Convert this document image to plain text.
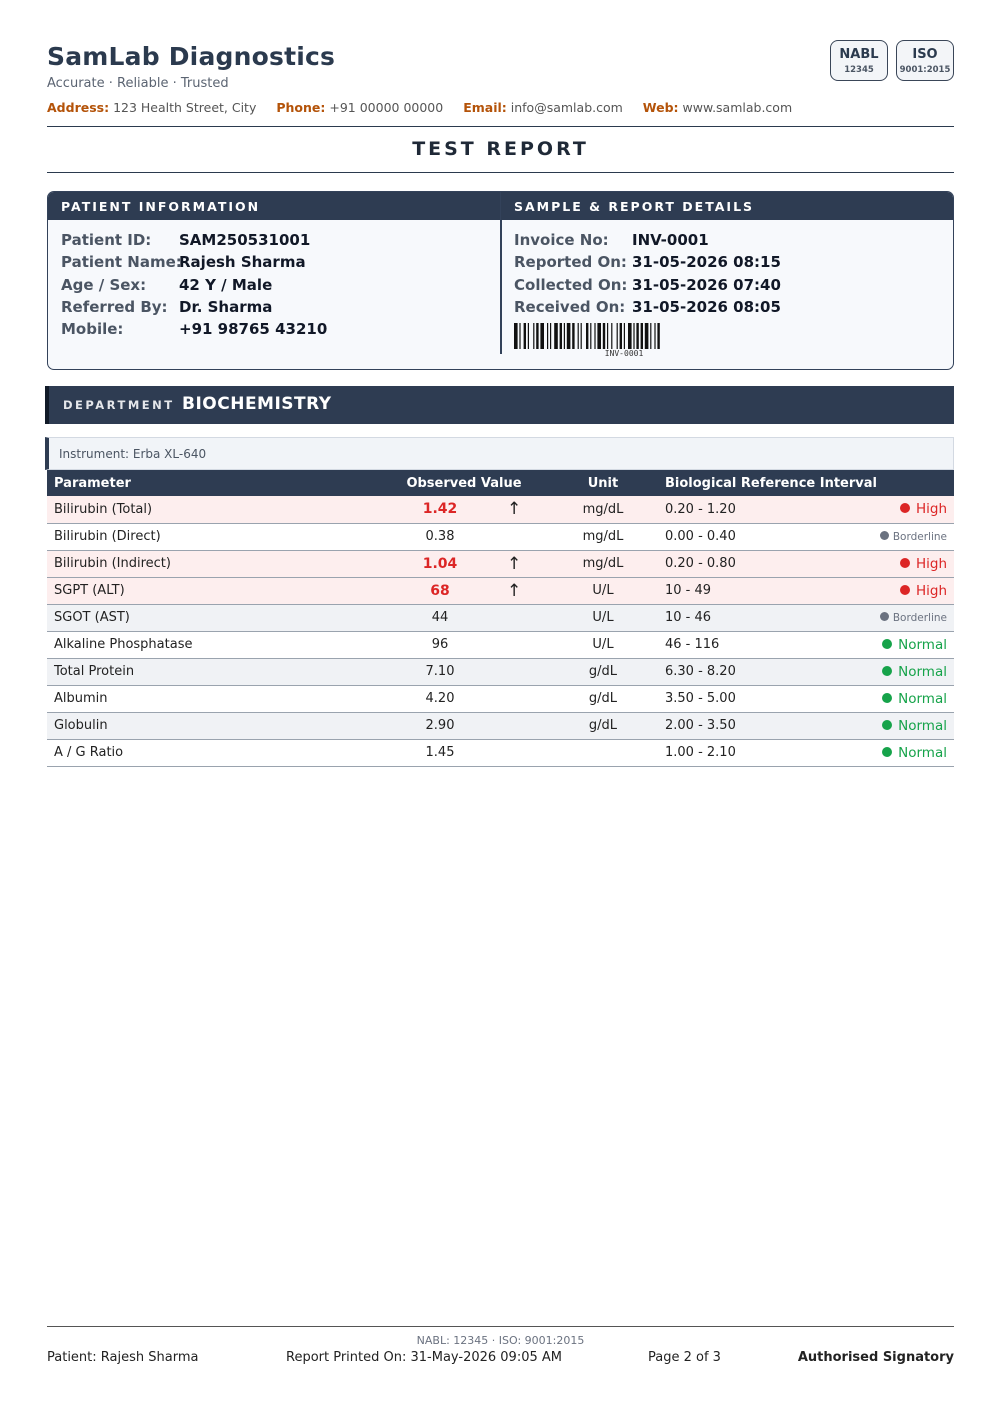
SamLab Diagnostics
Accurate · Reliable · Trusted
Address: 123 Health Street, City Phone: +91 00000 00000 Email: info@samlab.com Web: www.samlab.com
NABL
12345
ISO
9001:2015
TEST REPORT
PATIENT INFORMATION
Patient ID: SAM250531001
Patient Name:Rajesh Sharma
Age / Sex: 42 Y / Male
Referred By: Dr. Sharma
Mobile:	+91 98765 43210
SAMPLE & REPORT DETAILS
Invoice No: INV-0001
Reported On: 31-05-2026 08:15
Collected On: 31-05-2026 07:40
Received On: 31-05-2026 08:05
INV-0001
DEPARTMENT BIOCHEMISTRY
Instrument: Erba XL-640
Parameter	Observed Value		Unit	Biological Reference Interval	
Bilirubin (Total)	1.42	↑	mg/dL	0.20 - 1.20	High
Bilirubin (Direct)	0.38		mg/dL	0.00 - 0.40	Borderline
Bilirubin (Indirect)	1.04	↑	mg/dL	0.20 - 0.80	High
SGPT (ALT)	68	↑	U/L	10 - 49	High
SGOT (AST)	44		U/L	10 - 46	Borderline
Alkaline Phosphatase	96		U/L	46 - 116	Normal
Total Protein	7.10		g/dL	6.30 - 8.20	Normal
Albumin	4.20		g/dL	3.50 - 5.00	Normal
Globulin	2.90		g/dL	2.00 - 3.50	Normal
A / G Ratio	1.45			1.00 - 2.10	Normal
NABL: 12345 · ISO: 9001:2015
Patient: Rajesh Sharma	Report Printed On: 31-May-2026 09:05 AM	Page 2 of 3	Authorised Signatory
